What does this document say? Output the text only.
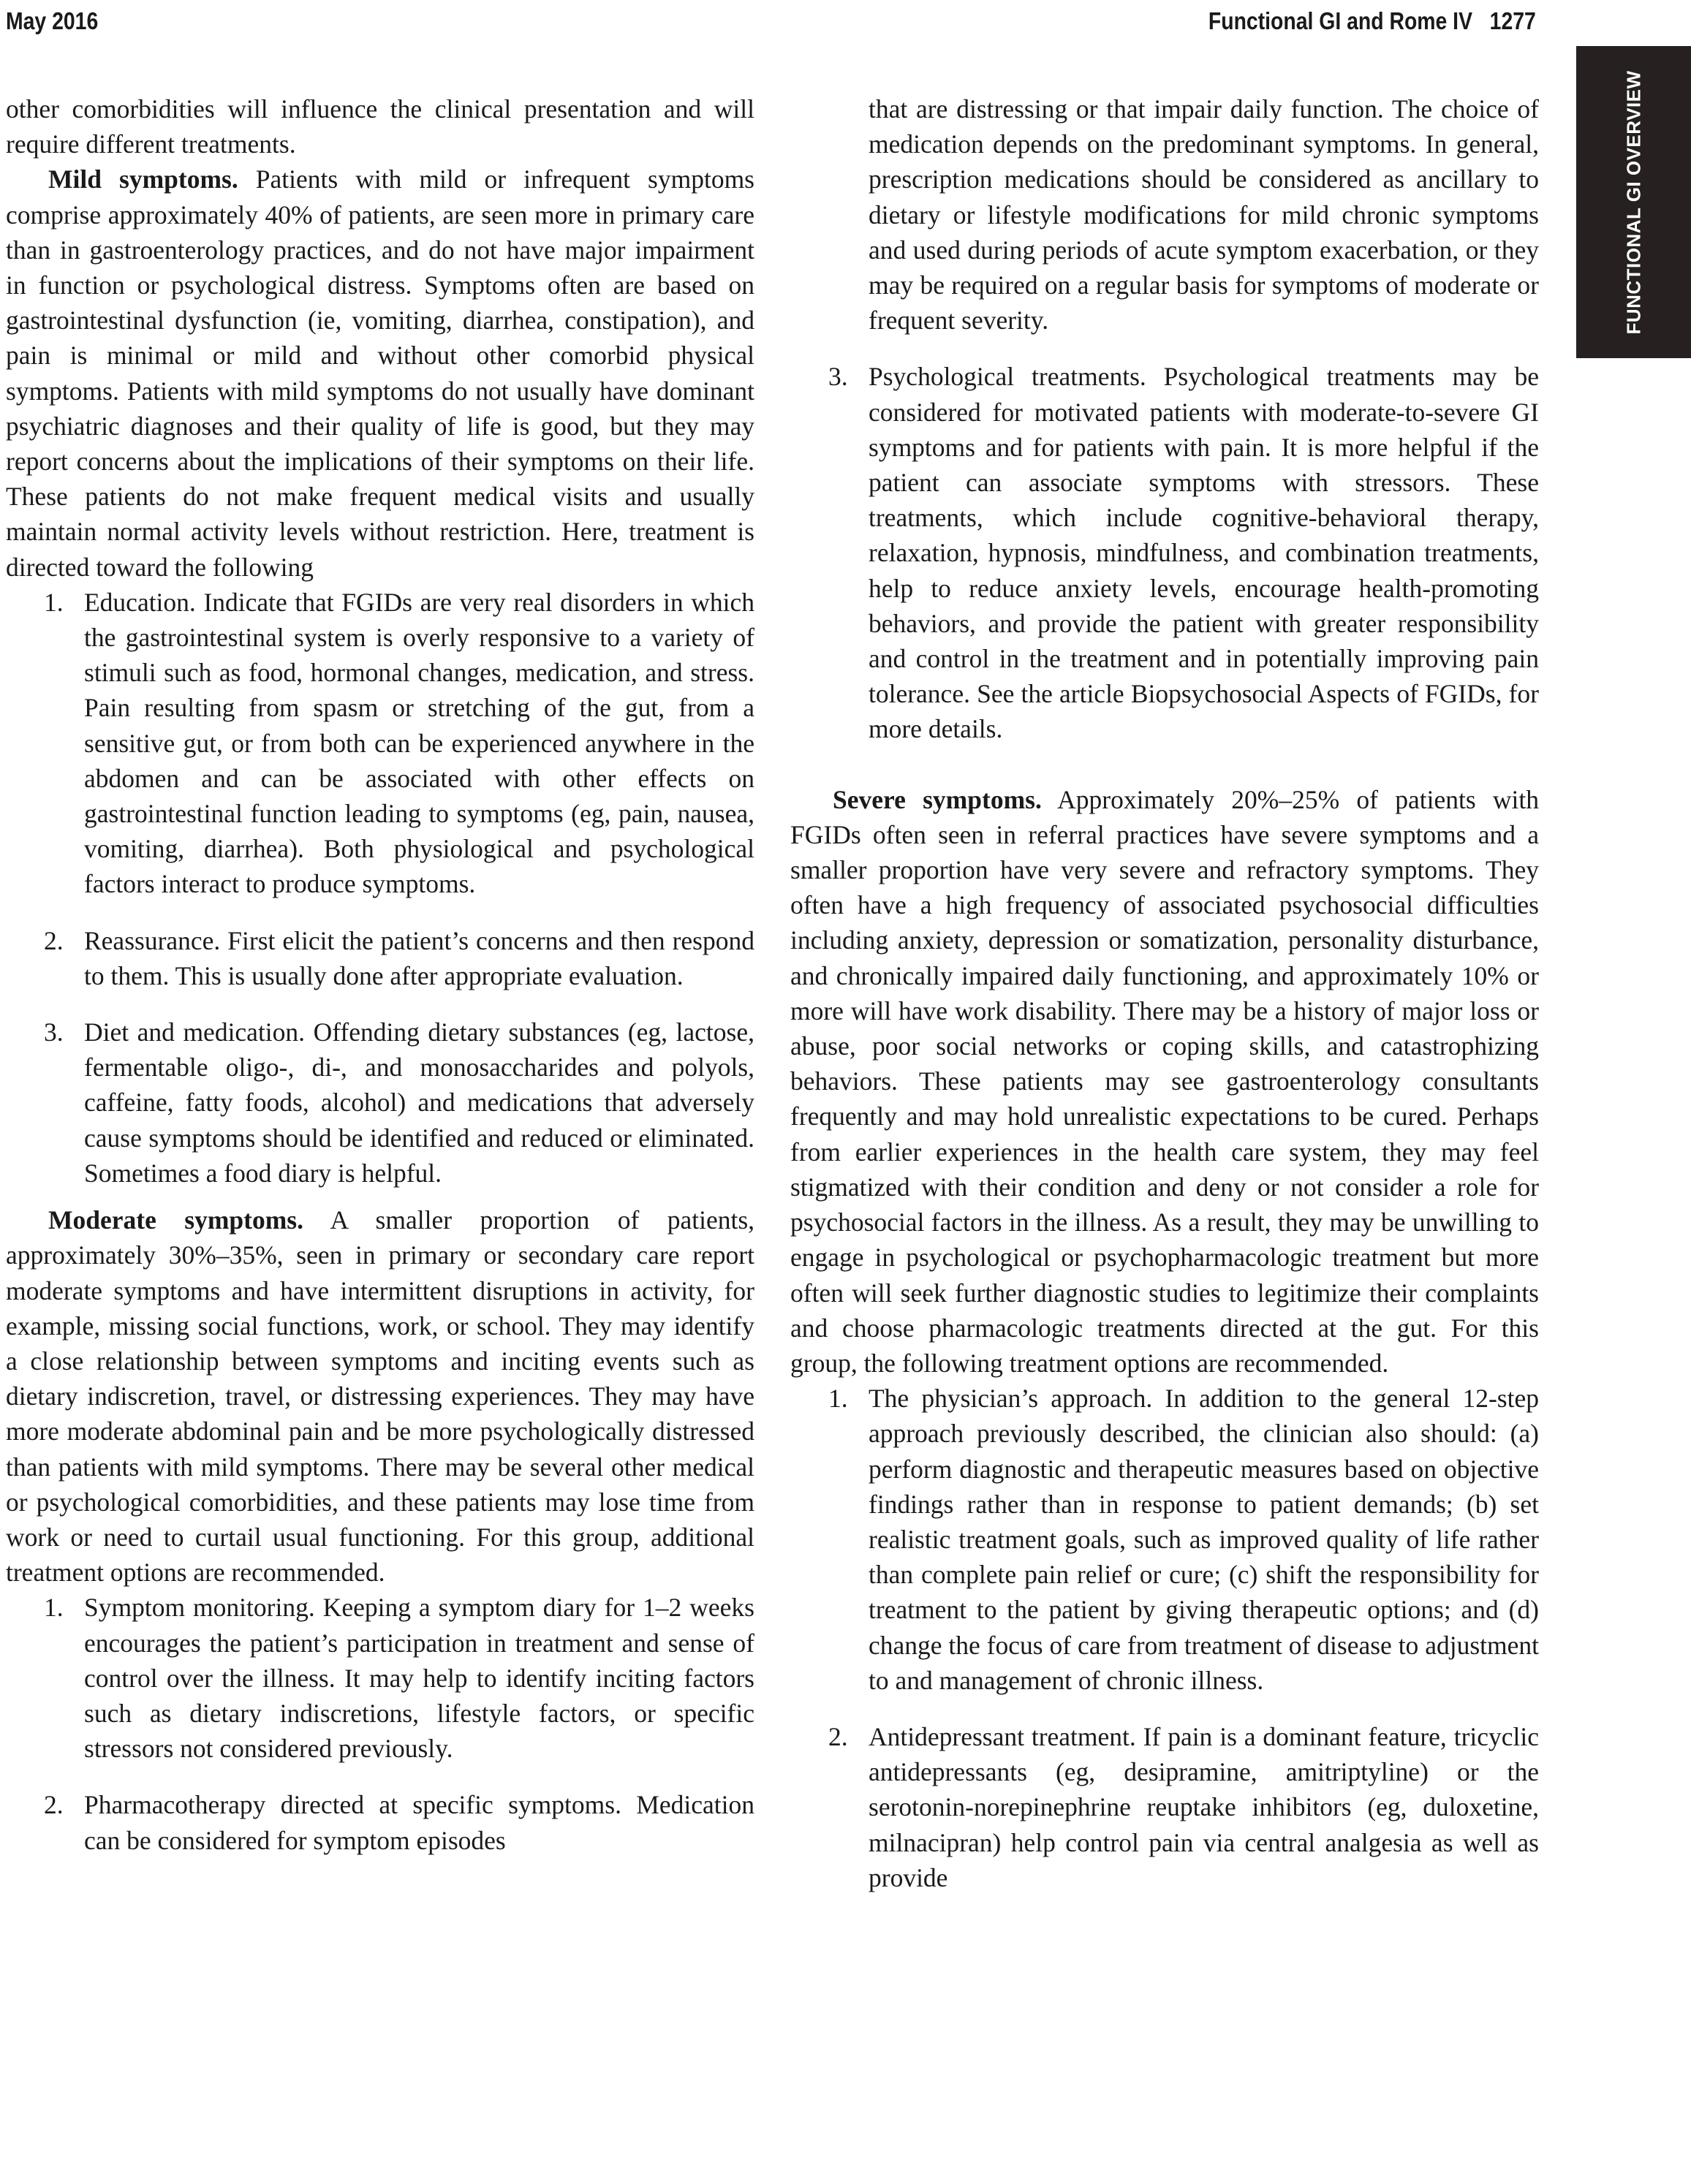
May 2016	Functional GI and Rome IV 1277
FUNCTIONAL GI OVERVIEW

other comorbidities will influence the clinical presentation and will require different treatments.

Mild symptoms. Patients with mild or infrequent symptoms comprise approximately 40% of patients, are seen more in primary care than in gastroenterology practices, and do not have major impairment in function or psychological distress. Symptoms often are based on gastrointestinal dysfunction (ie, vomiting, diarrhea, constipation), and pain is minimal or mild and without other comorbid physical symptoms. Patients with mild symptoms do not usually have dominant psychiatric diagnoses and their quality of life is good, but they may report concerns about the implications of their symptoms on their life. These patients do not make frequent medical visits and usually maintain normal activity levels without restriction. Here, treatment is directed toward the following

1. Education. Indicate that FGIDs are very real disorders in which the gastrointestinal system is overly responsive to a variety of stimuli such as food, hormonal changes, medication, and stress. Pain resulting from spasm or stretching of the gut, from a sensitive gut, or from both can be experienced anywhere in the abdomen and can be associated with other effects on gastrointestinal function leading to symptoms (eg, pain, nausea, vomiting, diarrhea). Both physiological and psychological factors interact to produce symptoms.
2. Reassurance. First elicit the patient’s concerns and then respond to them. This is usually done after appropriate evaluation.
3. Diet and medication. Offending dietary substances (eg, lactose, fermentable oligo-, di-, and monosaccharides and polyols, caffeine, fatty foods, alcohol) and medications that adversely cause symptoms should be identified and reduced or eliminated. Sometimes a food diary is helpful.

Moderate symptoms. A smaller proportion of patients, approximately 30%–35%, seen in primary or secondary care report moderate symptoms and have intermittent disruptions in activity, for example, missing social functions, work, or school. They may identify a close relationship between symptoms and inciting events such as dietary indiscretion, travel, or distressing experiences. They may have more moderate abdominal pain and be more psychologically distressed than patients with mild symptoms. There may be several other medical or psychological comorbidities, and these patients may lose time from work or need to curtail usual functioning. For this group, additional treatment options are recommended.

1. Symptom monitoring. Keeping a symptom diary for 1–2 weeks encourages the patient’s participation in treatment and sense of control over the illness. It may help to identify inciting factors such as dietary indiscretions, lifestyle factors, or specific stressors not considered previously.
2. Pharmacotherapy directed at specific symptoms. Medication can be considered for symptom episodes
that are distressing or that impair daily function. The choice of medication depends on the predominant symptoms. In general, prescription medications should be considered as ancillary to dietary or lifestyle modifications for mild chronic symptoms and used during periods of acute symptom exacerbation, or they may be required on a regular basis for symptoms of moderate or frequent severity.
3. Psychological treatments. Psychological treatments may be considered for motivated patients with moderate-to-severe GI symptoms and for patients with pain. It is more helpful if the patient can associate symptoms with stressors. These treatments, which include cognitive-behavioral therapy, relaxation, hypnosis, mindfulness, and combination treatments, help to reduce anxiety levels, encourage health-promoting behaviors, and provide the patient with greater responsibility and control in the treatment and in potentially improving pain tolerance. See the article Biopsychosocial Aspects of FGIDs, for more details.

Severe symptoms. Approximately 20%–25% of patients with FGIDs often seen in referral practices have severe symptoms and a smaller proportion have very severe and refractory symptoms. They often have a high frequency of associated psychosocial difficulties including anxiety, depression or somatization, personality disturbance, and chronically impaired daily functioning, and approximately 10% or more will have work disability. There may be a history of major loss or abuse, poor social networks or coping skills, and catastrophizing behaviors. These patients may see gastroenterology consultants frequently and may hold unrealistic expectations to be cured. Perhaps from earlier experiences in the health care system, they may feel stigmatized with their condition and deny or not consider a role for psychosocial factors in the illness. As a result, they may be unwilling to engage in psychological or psychopharmacologic treatment but more often will seek further diagnostic studies to legitimize their complaints and choose pharmacologic treatments directed at the gut. For this group, the following treatment options are recommended.

1. The physician’s approach. In addition to the general 12-step approach previously described, the clinician also should: (a) perform diagnostic and therapeutic measures based on objective findings rather than in response to patient demands; (b) set realistic treatment goals, such as improved quality of life rather than complete pain relief or cure; (c) shift the responsibility for treatment to the patient by giving therapeutic options; and (d) change the focus of care from treatment of disease to adjustment to and management of chronic illness.
2. Antidepressant treatment. If pain is a dominant feature, tricyclic antidepressants (eg, desipramine, amitriptyline) or the serotonin-norepinephrine reuptake inhibitors (eg, duloxetine, milnacipran) help control pain via central analgesia as well as provide
